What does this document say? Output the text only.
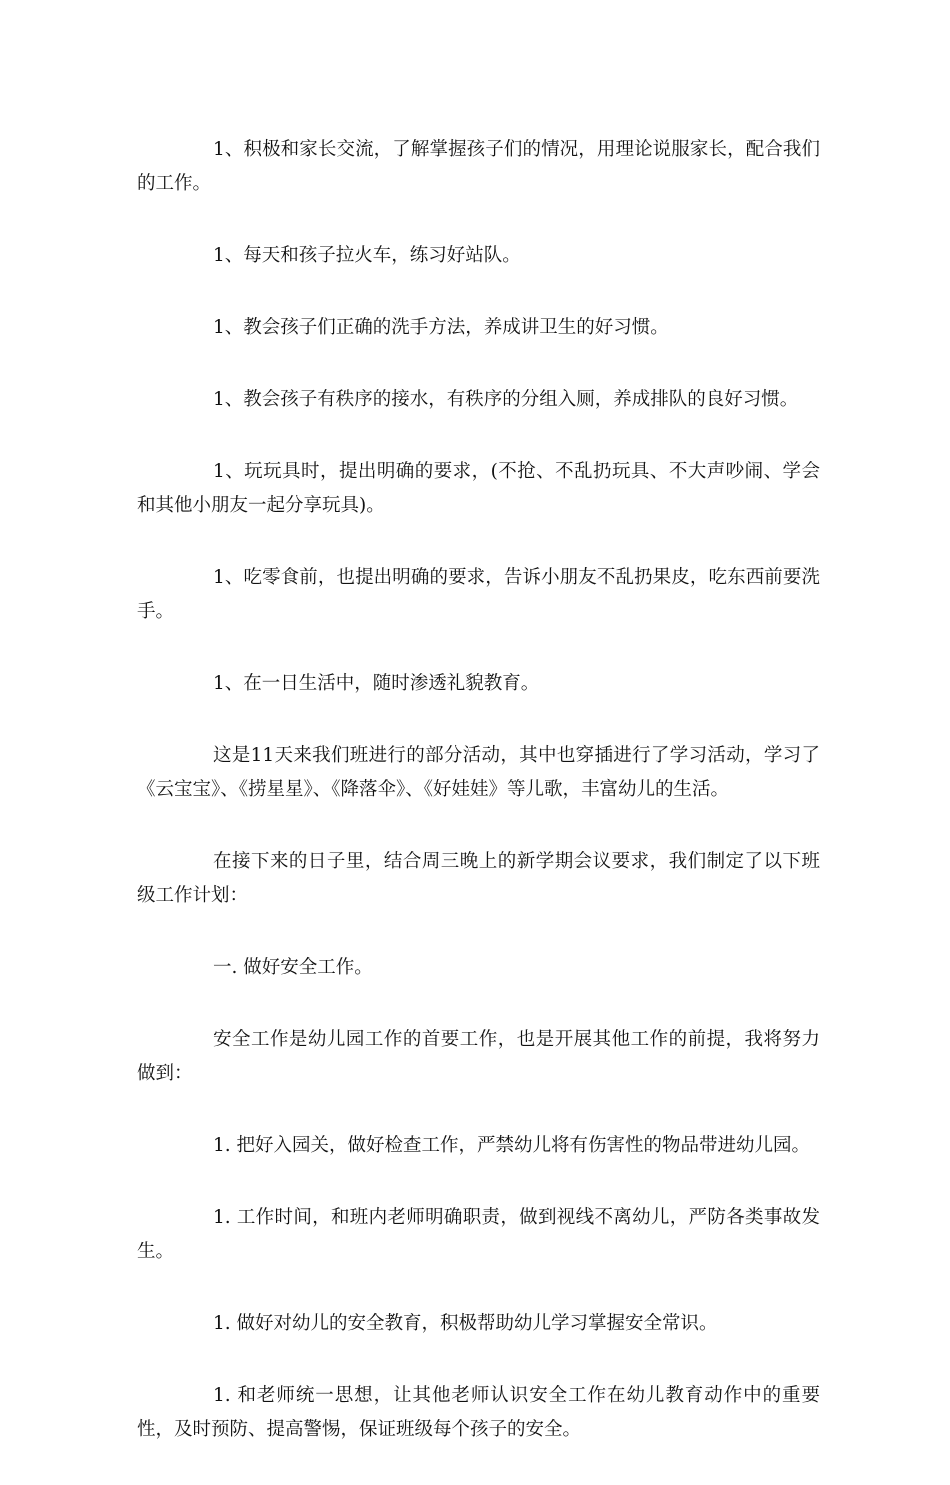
1、积极和家长交流，了解掌握孩子们的情况，用理论说服家长，配合我们的工作。

1、每天和孩子拉火车，练习好站队。

1、教会孩子们正确的洗手方法，养成讲卫生的好习惯。

1、教会孩子有秩序的接水，有秩序的分组入厕，养成排队的良好习惯。

1、玩玩具时，提出明确的要求，(不抢、不乱扔玩具、不大声吵闹、学会和其他小朋友一起分享玩具)。

1、吃零食前，也提出明确的要求，告诉小朋友不乱扔果皮，吃东西前要洗手。

1、在一日生活中，随时渗透礼貌教育。

这是11天来我们班进行的部分活动，其中也穿插进行了学习活动，学习了《云宝宝》、《捞星星》、《降落伞》、《好娃娃》等儿歌，丰富幼儿的生活。

在接下来的日子里，结合周三晚上的新学期会议要求，我们制定了以下班级工作计划：

一. 做好安全工作。

安全工作是幼儿园工作的首要工作，也是开展其他工作的前提，我将努力做到：

1. 把好入园关，做好检查工作，严禁幼儿将有伤害性的物品带进幼儿园。

1. 工作时间，和班内老师明确职责，做到视线不离幼儿，严防各类事故发生。

1. 做好对幼儿的安全教育，积极帮助幼儿学习掌握安全常识。

1. 和老师统一思想，让其他老师认识安全工作在幼儿教育动作中的重要性，及时预防、提高警惕，保证班级每个孩子的安全。
